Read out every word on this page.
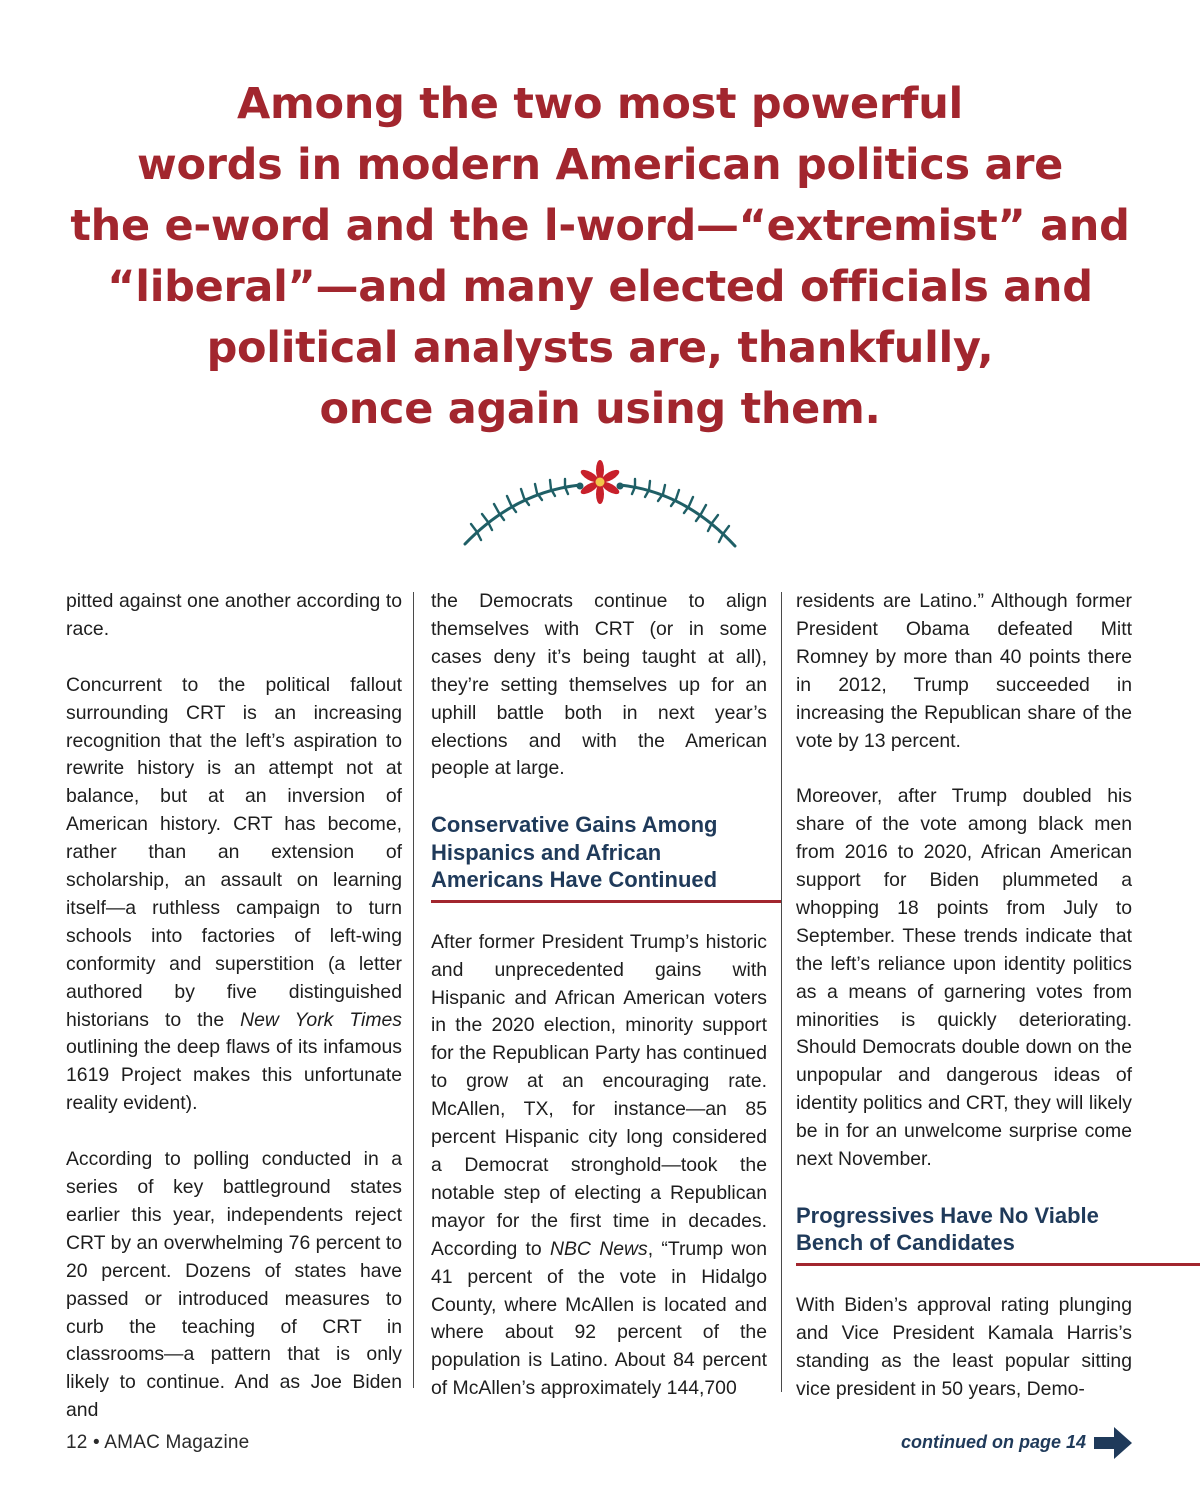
Among the two most powerful
words in modern American politics are
the e-word and the l-word—“extremist” and
“liberal”—and many elected officials and
political analysts are, thankfully,
once again using them.

pitted against one another according to race.

Concurrent to the political fallout surrounding CRT is an increasing recognition that the left’s aspiration to rewrite history is an attempt not at balance, but at an inversion of American history. CRT has become, rather than an extension of scholarship, an assault on learning itself—a ruthless campaign to turn schools into factories of left-wing conformity and superstition (a letter authored by five distinguished historians to the New York Times outlining the deep flaws of its infamous 1619 Project makes this unfortunate reality evident).

According to polling conducted in a series of key battleground states earlier this year, independents reject CRT by an overwhelming 76 percent to 20 percent. Dozens of states have passed or introduced measures to curb the teaching of CRT in classrooms—a pattern that is only likely to continue. And as Joe Biden and

the Democrats continue to align themselves with CRT (or in some cases deny it’s being taught at all), they’re setting themselves up for an uphill battle both in next year’s elections and with the American people at large.

Conservative Gains Among Hispanics and African Americans Have Continued

After former President Trump’s historic and unprecedented gains with Hispanic and African American voters in the 2020 election, minority support for the Republican Party has continued to grow at an encouraging rate. McAllen, TX, for instance—an 85 percent Hispanic city long considered a Democrat stronghold—took the notable step of electing a Republican mayor for the first time in decades. According to NBC News, “Trump won 41 percent of the vote in Hidalgo County, where McAllen is located and where about 92 percent of the population is Latino. About 84 percent of McAllen’s approximately 144,700

residents are Latino.” Although former President Obama defeated Mitt Romney by more than 40 points there in 2012, Trump succeeded in increasing the Republican share of the vote by 13 percent.

Moreover, after Trump doubled his share of the vote among black men from 2016 to 2020, African American support for Biden plummeted a whopping 18 points from July to September. These trends indicate that the left’s reliance upon identity politics as a means of garnering votes from minorities is quickly deteriorating. Should Democrats double down on the unpopular and dangerous ideas of identity politics and CRT, they will likely be in for an unwelcome surprise come next November.

Progressives Have No Viable Bench of Candidates

With Biden’s approval rating plunging and Vice President Kamala Harris’s standing as the least popular sitting vice president in 50 years, Demo-

12 • AMAC Magazine	continued on page 14
